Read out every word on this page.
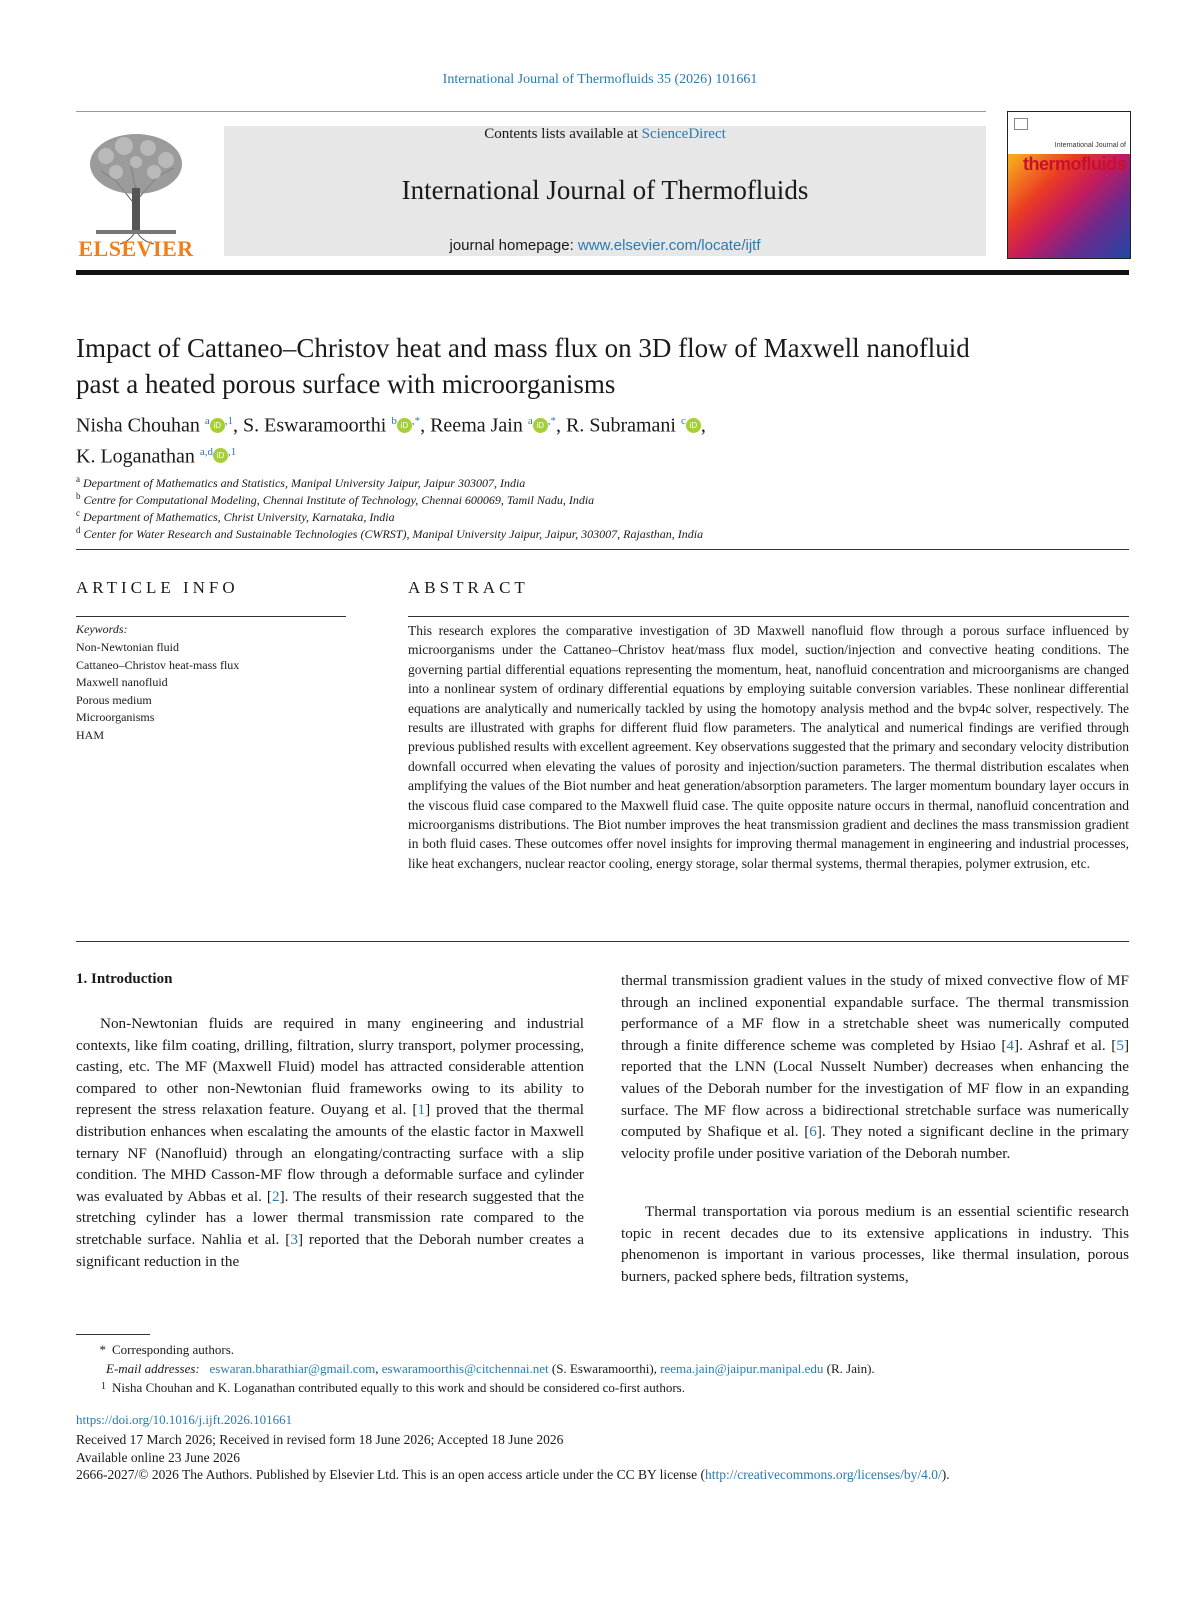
International Journal of Thermofluids 35 (2026) 101661
ELSEVIER
Contents lists available at ScienceDirect
International Journal of Thermofluids
journal homepage: www.elsevier.com/locate/ijtf
International Journal of
thermofluids
Impact of Cattaneo–Christov heat and mass flux on 3D flow of Maxwell nanofluid past a heated porous surface with microorganisms
Nisha Chouhan $^a$ iD $^{,1}$, S. Eswaramoorthi $^b$ iD ,*, Reema Jain $^a$ iD ,*, R. Subramani $^c$ iD ,
K. Loganathan $^{a,d}$ iD $^{,1}$
$^a$ Department of Mathematics and Statistics, Manipal University Jaipur, Jaipur 303007, India
$^b$ Centre for Computational Modeling, Chennai Institute of Technology, Chennai 600069, Tamil Nadu, India
$^c$ Department of Mathematics, Christ University, Karnataka, India
$^d$ Center for Water Research and Sustainable Technologies (CWRST), Manipal University Jaipur, Jaipur, 303007, Rajasthan, India
ARTICLE INFO	ABSTRACT
Keywords:
Non-Newtonian fluid
Cattaneo–Christov heat-mass flux
Maxwell nanofluid
Porous medium
Microorganisms
HAM
This research explores the comparative investigation of 3D Maxwell nanofluid flow through a porous surface influenced by microorganisms under the Cattaneo–Christov heat/mass flux model, suction/injection and convective heating conditions. The governing partial differential equations representing the momentum, heat, nanofluid concentration and microorganisms are changed into a nonlinear system of ordinary differential equations by employing suitable conversion variables. These nonlinear differential equations are analytically and numerically tackled by using the homotopy analysis method and the bvp4c solver, respectively. The results are illustrated with graphs for different fluid flow parameters. The analytical and numerical findings are verified through previous published results with excellent agreement. Key observations suggested that the primary and secondary velocity distribution downfall occurred when elevating the values of porosity and injection/suction parameters. The thermal distribution escalates when amplifying the values of the Biot number and heat generation/absorption parameters. The larger momentum boundary layer occurs in the viscous fluid case compared to the Maxwell fluid case. The quite opposite nature occurs in thermal, nanofluid concentration and microorganisms distributions. The Biot number improves the heat transmission gradient and declines the mass transmission gradient in both fluid cases. These outcomes offer novel insights for improving thermal management in engineering and industrial processes, like heat exchangers, nuclear reactor cooling, energy storage, solar thermal systems, thermal therapies, polymer extrusion, etc.
1. Introduction
Non-Newtonian fluids are required in many engineering and industrial contexts, like film coating, drilling, filtration, slurry transport, polymer processing, casting, etc. The MF (Maxwell Fluid) model has attracted considerable attention compared to other non-Newtonian fluid frameworks owing to its ability to represent the stress relaxation feature. Ouyang et al. [1] proved that the thermal distribution enhances when escalating the amounts of the elastic factor in Maxwell ternary NF (Nanofluid) through an elongating/contracting surface with a slip condition. The MHD Casson-MF flow through a deformable surface and cylinder was evaluated by Abbas et al. [2]. The results of their research suggested that the stretching cylinder has a lower thermal transmission rate compared to the stretchable surface. Nahlia et al. [3] reported that the Deborah number creates a significant reduction in the
thermal transmission gradient values in the study of mixed convective flow of MF through an inclined exponential expandable surface. The thermal transmission performance of a MF flow in a stretchable sheet was numerically computed through a finite difference scheme was completed by Hsiao [4]. Ashraf et al. [5] reported that the LNN (Local Nusselt Number) decreases when enhancing the values of the Deborah number for the investigation of MF flow in an expanding surface. The MF flow across a bidirectional stretchable surface was numerically computed by Shafique et al. [6]. They noted a significant decline in the primary velocity profile under positive variation of the Deborah number.
Thermal transportation via porous medium is an essential scientific research topic in recent decades due to its extensive applications in industry. This phenomenon is important in various processes, like thermal insulation, porous burners, packed sphere beds, filtration systems,
* Corresponding authors.
E-mail addresses: eswaran.bharathiar@gmail.com, eswaramoorthis@citchennai.net (S. Eswaramoorthi), reema.jain@jaipur.manipal.edu (R. Jain).
1 Nisha Chouhan and K. Loganathan contributed equally to this work and should be considered co-first authors.
https://doi.org/10.1016/j.ijft.2026.101661
Received 17 March 2026; Received in revised form 18 June 2026; Accepted 18 June 2026
Available online 23 June 2026
2666-2027/© 2026 The Authors. Published by Elsevier Ltd. This is an open access article under the CC BY license (http://creativecommons.org/licenses/by/4.0/).
